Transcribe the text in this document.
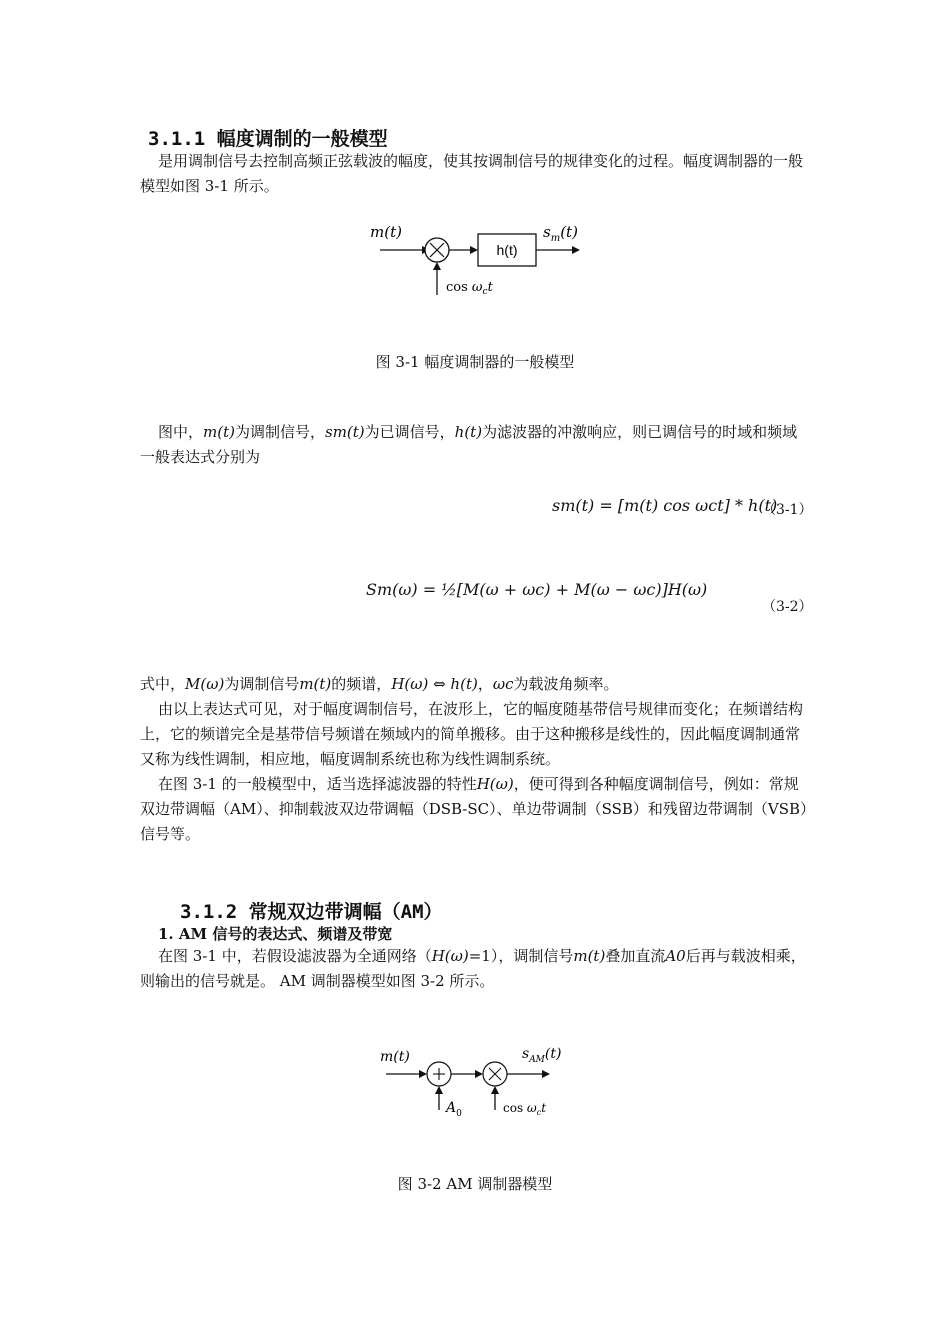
3.1.1 幅度调制的一般模型
是用调制信号去控制高频正弦载波的幅度，使其按调制信号的规律变化的过程。幅度调制器的一般模型如图 3-1 所示。
m(t)
h(t)
$s_m(t)$
$\cos \omega_ct$
图 3-1 幅度调制器的一般模型
图中，m(t)为调制信号，sm(t)为已调信号，h(t)为滤波器的冲激响应，则已调信号的时域和频域一般表达式分别为
sm(t) = [m(t) cos ωct] * h(t)
（3-1）
Sm(ω) = ½[M(ω + ωc) + M(ω − ωc)]H(ω)
（3-2）
式中，M(ω)为调制信号m(t)的频谱，H(ω) ⇔ h(t)，ωc为载波角频率。
由以上表达式可见，对于幅度调制信号，在波形上，它的幅度随基带信号规律而变化；在频谱结构上，它的频谱完全是基带信号频谱在频域内的简单搬移。由于这种搬移是线性的，因此幅度调制通常又称为线性调制，相应地，幅度调制系统也称为线性调制系统。
在图 3-1 的一般模型中，适当选择滤波器的特性H(ω)，便可得到各种幅度调制信号，例如：常规双边带调幅（AM）、抑制载波双边带调幅（DSB-SC）、单边带调制（SSB）和残留边带调制（VSB）信号等。
3.1.2 常规双边带调幅（AM）
1. AM 信号的表达式、频谱及带宽
在图 3-1 中，若假设滤波器为全通网络（H(ω)=1），调制信号m(t)叠加直流A0后再与载波相乘，则输出的信号就是。 AM 调制器模型如图 3-2 所示。
m(t)	$s_{AM}(t)$
$A_0$	$\cos \omega_ct$
图 3-2 AM 调制器模型
